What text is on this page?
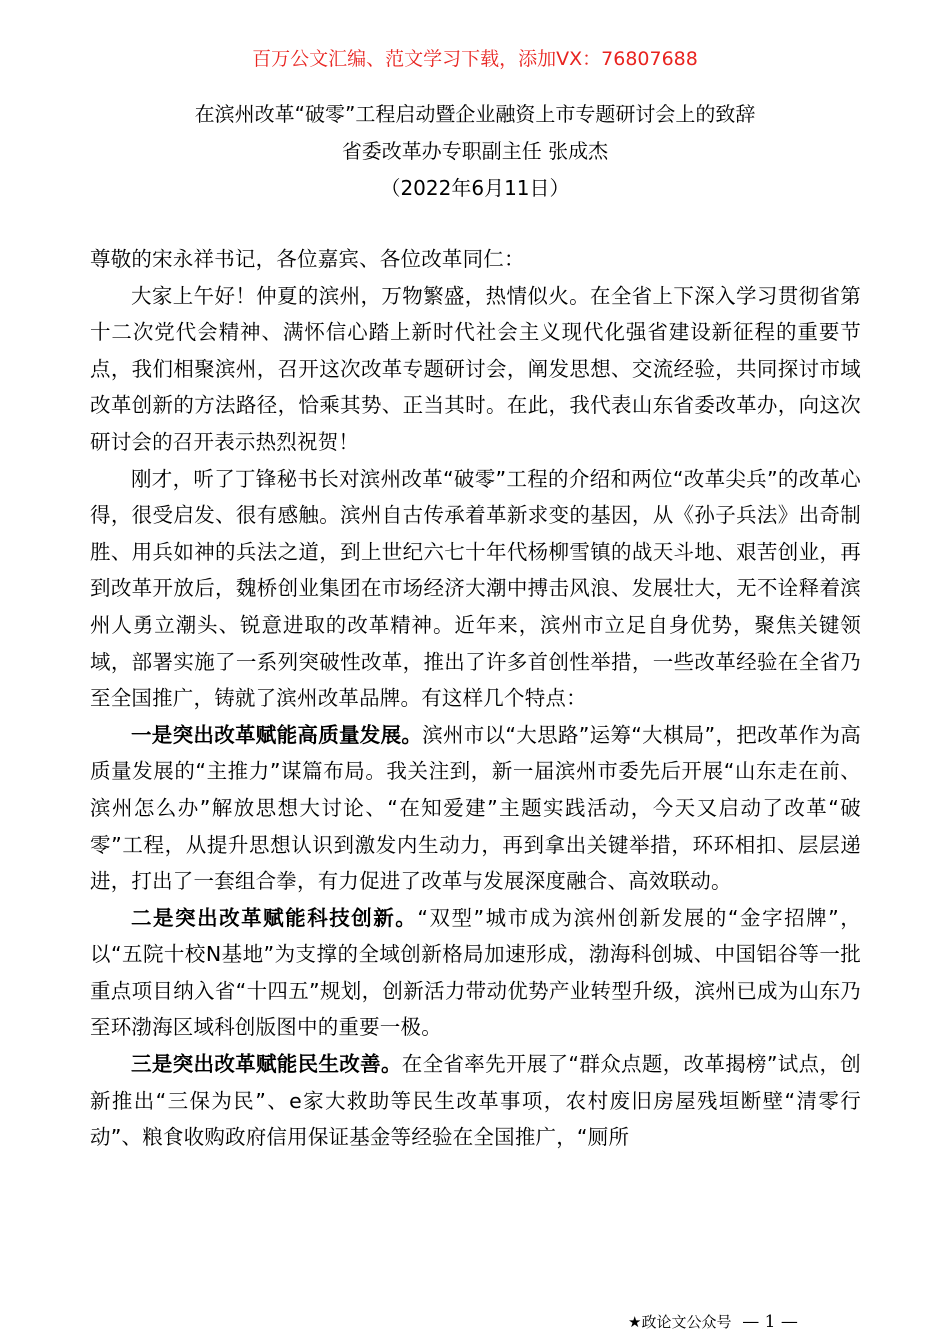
百万公文汇编、范文学习下载，添加VX：76807688
在滨州改革“破零”工程启动暨企业融资上市专题研讨会上的致辞
省委改革办专职副主任 张成杰
（2022年6月11日）

尊敬的宋永祥书记，各位嘉宾、各位改革同仁：

大家上午好！仲夏的滨州，万物繁盛，热情似火。在全省上下深入学习贯彻省第十二次党代会精神、满怀信心踏上新时代社会主义现代化强省建设新征程的重要节点，我们相聚滨州，召开这次改革专题研讨会，阐发思想、交流经验，共同探讨市域改革创新的方法路径，恰乘其势、正当其时。在此，我代表山东省委改革办，向这次研讨会的召开表示热烈祝贺！

刚才，听了丁锋秘书长对滨州改革“破零”工程的介绍和两位“改革尖兵”的改革心得，很受启发、很有感触。滨州自古传承着革新求变的基因，从《孙子兵法》出奇制胜、用兵如神的兵法之道，到上世纪六七十年代杨柳雪镇的战天斗地、艰苦创业，再到改革开放后，魏桥创业集团在市场经济大潮中搏击风浪、发展壮大，无不诠释着滨州人勇立潮头、锐意进取的改革精神。近年来，滨州市立足自身优势，聚焦关键领域，部署实施了一系列突破性改革，推出了许多首创性举措，一些改革经验在全省乃至全国推广，铸就了滨州改革品牌。有这样几个特点：

一是突出改革赋能高质量发展。滨州市以“大思路”运筹“大棋局”，把改革作为高质量发展的“主推力”谋篇布局。我关注到，新一届滨州市委先后开展“山东走在前、滨州怎么办”解放思想大讨论、“在知爱建”主题实践活动，今天又启动了改革“破零”工程，从提升思想认识到激发内生动力，再到拿出关键举措，环环相扣、层层递进，打出了一套组合拳，有力促进了改革与发展深度融合、高效联动。

二是突出改革赋能科技创新。“双型”城市成为滨州创新发展的“金字招牌”，以“五院十校N基地”为支撑的全域创新格局加速形成，渤海科创城、中国铝谷等一批重点项目纳入省“十四五”规划，创新活力带动优势产业转型升级，滨州已成为山东乃至环渤海区域科创版图中的重要一极。

三是突出改革赋能民生改善。在全省率先开展了“群众点题，改革揭榜”试点，创新推出“三保为民”、e家大救助等民生改革事项，农村废旧房屋残垣断壁“清零行动”、粮食收购政府信用保证基金等经验在全国推广，“厕所

★政论文公众号 — 1 —
